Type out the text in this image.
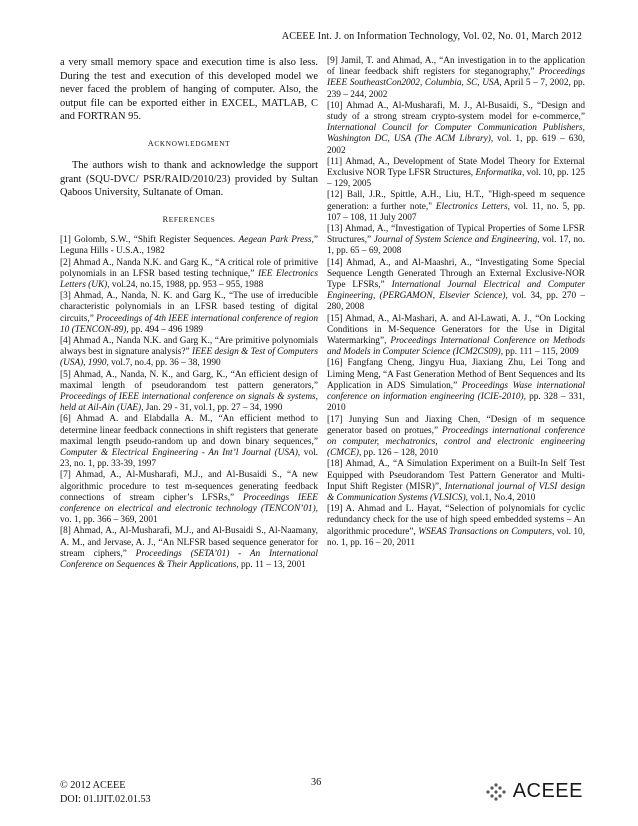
ACEEE Int. J. on Information Technology, Vol. 02, No. 01, March 2012

a very small memory space and execution time is also less. During the test and execution of this developed model we never faced the problem of hanging of computer. Also, the output file can be exported either in EXCEL, MATLAB, C and FORTRAN 95.

ACKNOWLEDGMENT

The authors wish to thank and acknowledge the support grant (SQU-DVC/ PSR/RAID/2010/23) provided by Sultan Qaboos University, Sultanate of Oman.

REFERENCES

[1] Golomb, S.W., “Shift Register Sequences. Aegean Park Press,” Leguna Hills - U.S.A., 1982

[2] Ahmad A., Nanda N.K. and Garg K., “A critical role of primitive polynomials in an LFSR based testing technique,” IEE Electronics Letters (UK), vol.24, no.15, 1988, pp. 953 – 955, 1988

[3] Ahmad, A., Nanda, N. K. and Garg K., “The use of irreducible characteristic polynomials in an LFSR based testing of digital circuits,” Proceedings of 4th IEEE international conference of region 10 (TENCON-89), pp. 494 – 496 1989

[4] Ahmad A., Nanda N.K. and Garg K., “Are primitive polynomials always best in signature analysis?” IEEE design & Test of Computers (USA), 1990, vol.7, no.4, pp. 36 – 38, 1990

[5] Ahmad, A., Nanda, N. K., and Garg, K., “An efficient design of maximal length of pseudorandom test pattern generators,” Proceedings of IEEE international conference on signals & systems, held at Ail-Ain (UAE), Jan. 29 - 31, vol.1, pp. 27 – 34, 1990

[6] Ahmad A. and Elabdalla A. M., “An efficient method to determine linear feedback connections in shift registers that generate maximal length pseudo-random up and down binary sequences,” Computer & Electrical Engineering - An Int’l Journal (USA), vol. 23, no. 1, pp. 33-39, 1997

[7] Ahmad, A., Al-Musharafi, M.J., and Al-Busaidi S., “A new algorithmic procedure to test m-sequences generating feedback connections of stream cipher’s LFSRs,” Proceedings IEEE conference on electrical and electronic technology (TENCON’01), vo. 1, pp. 366 – 369, 2001

[8] Ahmad, A., Al-Musharafi, M.J., and Al-Busaidi S., Al-Naamany, A. M., and Jervase, A. J., “An NLFSR based sequence generator for stream ciphers,” Proceedings (SETA’01) - An International Conference on Sequences & Their Applications, pp. 11 – 13, 2001

[9] Jamil, T. and Ahmad, A., “An investigation in to the application of linear feedback shift registers for steganography,” Proceedings IEEE SoutheastCon2002, Columbia, SC, USA, April 5 – 7, 2002, pp. 239 – 244, 2002

[10] Ahmad A., Al-Musharafi, M. J., Al-Busaidi, S., “Design and study of a strong stream crypto-system model for e-commerce,” International Council for Computer Communication Publishers, Washington DC, USA (The ACM Library), vol. 1, pp. 619 – 630, 2002

[11] Ahmad, A., Development of State Model Theory for External Exclusive NOR Type LFSR Structures, Enformatika, vol. 10, pp. 125 – 129, 2005

[12] Ball, J.R., Spittle, A.H., Liu, H.T., "High-speed m sequence generation: a further note," Electronics Letters, vol. 11, no. 5, pp. 107 – 108, 11 July 2007

[13] Ahmad, A., “Investigation of Typical Properties of Some LFSR Structures,” Journal of System Science and Engineering, vol. 17, no. 1, pp. 65 – 69, 2008

[14] Ahmad, A., and Al-Maashri, A., “Investigating Some Special Sequence Length Generated Through an External Exclusive-NOR Type LFSRs,” International Journal Electrical and Computer Engineering, (PERGAMON, Elsevier Science), vol. 34, pp. 270 – 280, 2008

[15] Ahmad, A., Al-Mashari, A. and Al-Lawati, A. J., “On Locking Conditions in M-Sequence Generators for the Use in Digital Watermarking”, Proceedings International Conference on Methods and Models in Computer Science (ICM2CS09), pp. 111 – 115, 2009

[16] Fangfang Cheng, Jingyu Hua, Jiaxiang Zhu, Lei Tong and Liming Meng, “A Fast Generation Method of Bent Sequences and Its Application in ADS Simulation,” Proceedings Wase international conference on information engineering (ICIE-2010), pp. 328 – 331, 2010

[17] Junying Sun and Jiaxing Chen, “Design of m sequence generator based on protues,” Proceedings international conference on computer, mechatronics, control and electronic engineering (CMCE), pp. 126 – 128, 2010

[18] Ahmad, A., “A Simulation Experiment on a Built-In Self Test Equipped with Pseudorandom Test Pattern Generator and Multi-Input Shift Register (MISR)”, International journal of VLSI design & Communication Systems (VLSICS), vol.1, No.4, 2010

[19] A. Ahmad and L. Hayat, “Selection of polynomials for cyclic redundancy check for the use of high speed embedded systems – An algorithmic procedure”, WSEAS Transactions on Computers, vol. 10, no. 1, pp. 16 – 20, 2011

© 2012 ACEEE
DOI: 01.IJIT.02.01.53
36	ACEEE
